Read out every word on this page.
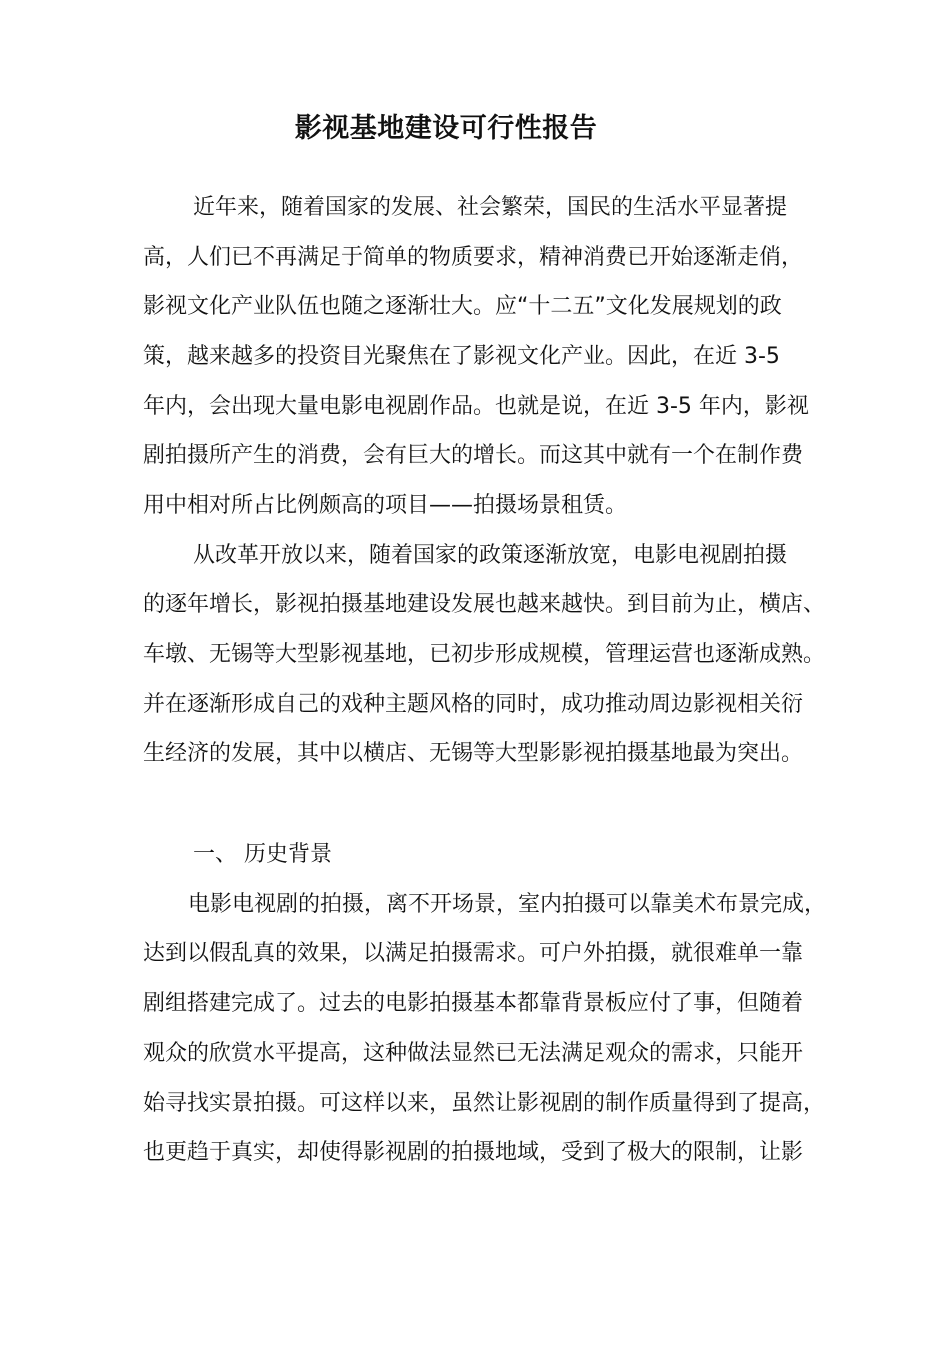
影视基地建设可行性报告
近年来，随着国家的发展、社会繁荣，国民的生活水平显著提
高，人们已不再满足于简单的物质要求，精神消费已开始逐渐走俏，
影视文化产业队伍也随之逐渐壮大。应“十二五”文化发展规划的政
策，越来越多的投资目光聚焦在了影视文化产业。因此，在近 3-5
年内，会出现大量电影电视剧作品。也就是说，在近 3-5 年内，影视
剧拍摄所产生的消费，会有巨大的增长。而这其中就有一个在制作费
用中相对所占比例颇高的项目——拍摄场景租赁。
从改革开放以来，随着国家的政策逐渐放宽，电影电视剧拍摄
的逐年增长，影视拍摄基地建设发展也越来越快。到目前为止，横店、
车墩、无锡等大型影视基地，已初步形成规模，管理运营也逐渐成熟。
并在逐渐形成自己的戏种主题风格的同时，成功推动周边影视相关衍
生经济的发展，其中以横店、无锡等大型影影视拍摄基地最为突出。
一、 历史背景
电影电视剧的拍摄，离不开场景，室内拍摄可以靠美术布景完成，
达到以假乱真的效果，以满足拍摄需求。可户外拍摄，就很难单一靠
剧组搭建完成了。过去的电影拍摄基本都靠背景板应付了事，但随着
观众的欣赏水平提高，这种做法显然已无法满足观众的需求，只能开
始寻找实景拍摄。可这样以来，虽然让影视剧的制作质量得到了提高，
也更趋于真实，却使得影视剧的拍摄地域，受到了极大的限制，让影
